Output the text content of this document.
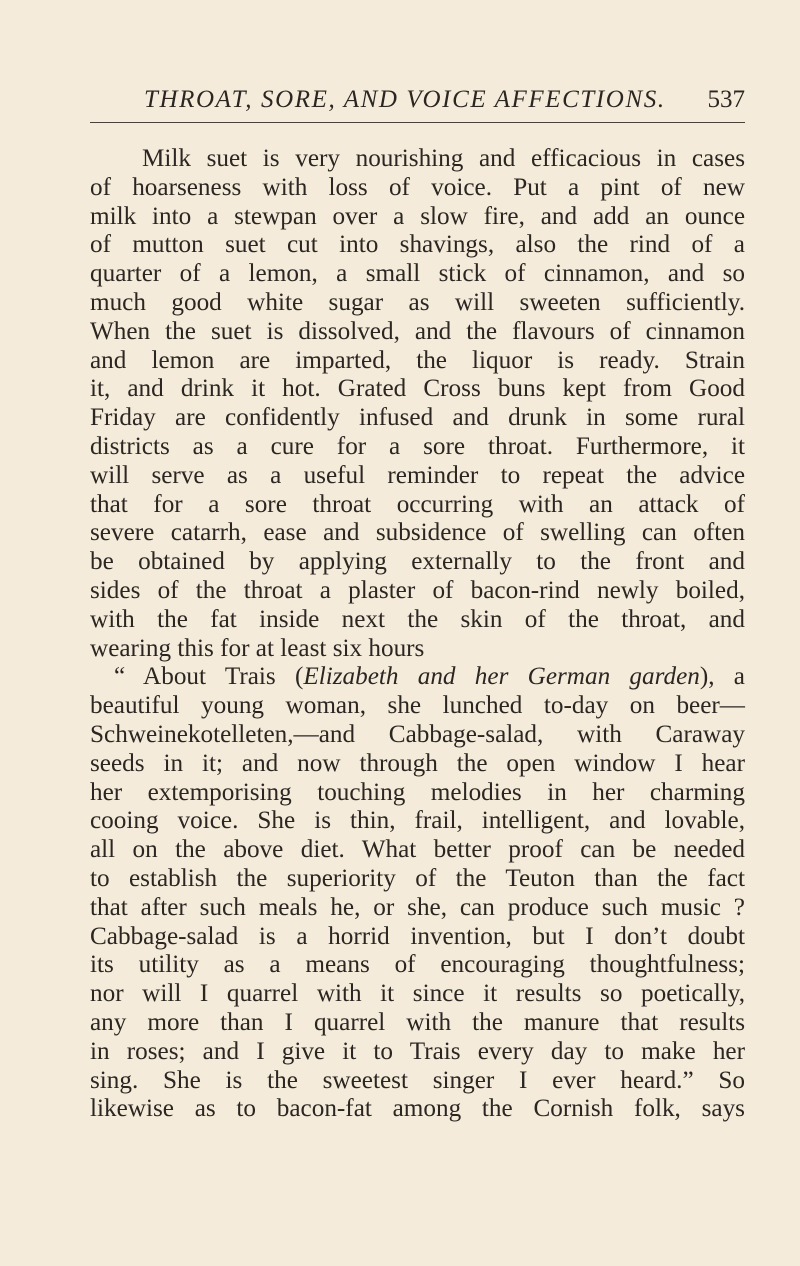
THROAT, SORE, AND VOICE AFFECTIONS. 537
Milk suet is very nourishing and efficacious in cases
of hoarseness with loss of voice. Put a pint of new
milk into a stewpan over a slow fire, and add an ounce
of mutton suet cut into shavings, also the rind of a
quarter of a lemon, a small stick of cinnamon, and so
much good white sugar as will sweeten sufficiently.
When the suet is dissolved, and the flavours of cinnamon
and lemon are imparted, the liquor is ready. Strain
it, and drink it hot. Grated Cross buns kept from Good
Friday are confidently infused and drunk in some rural
districts as a cure for a sore throat. Furthermore, it
will serve as a useful reminder to repeat the advice
that for a sore throat occurring with an attack of
severe catarrh, ease and subsidence of swelling can often
be obtained by applying externally to the front and
sides of the throat a plaster of bacon-rind newly boiled,
with the fat inside next the skin of the throat, and
wearing this for at least six hours
“ About Trais (Elizabeth and her German garden), a
beautiful young woman, she lunched to-day on beer—
Schweinekotelleten,—and Cabbage-salad, with Caraway
seeds in it; and now through the open window I hear
her extemporising touching melodies in her charming
cooing voice. She is thin, frail, intelligent, and lovable,
all on the above diet. What better proof can be needed
to establish the superiority of the Teuton than the fact
that after such meals he, or she, can produce such music ?
Cabbage-salad is a horrid invention, but I don’t doubt
its utility as a means of encouraging thoughtfulness;
nor will I quarrel with it since it results so poetically,
any more than I quarrel with the manure that results
in roses; and I give it to Trais every day to make her
sing. She is the sweetest singer I ever heard.” So
likewise as to bacon-fat among the Cornish folk, says
